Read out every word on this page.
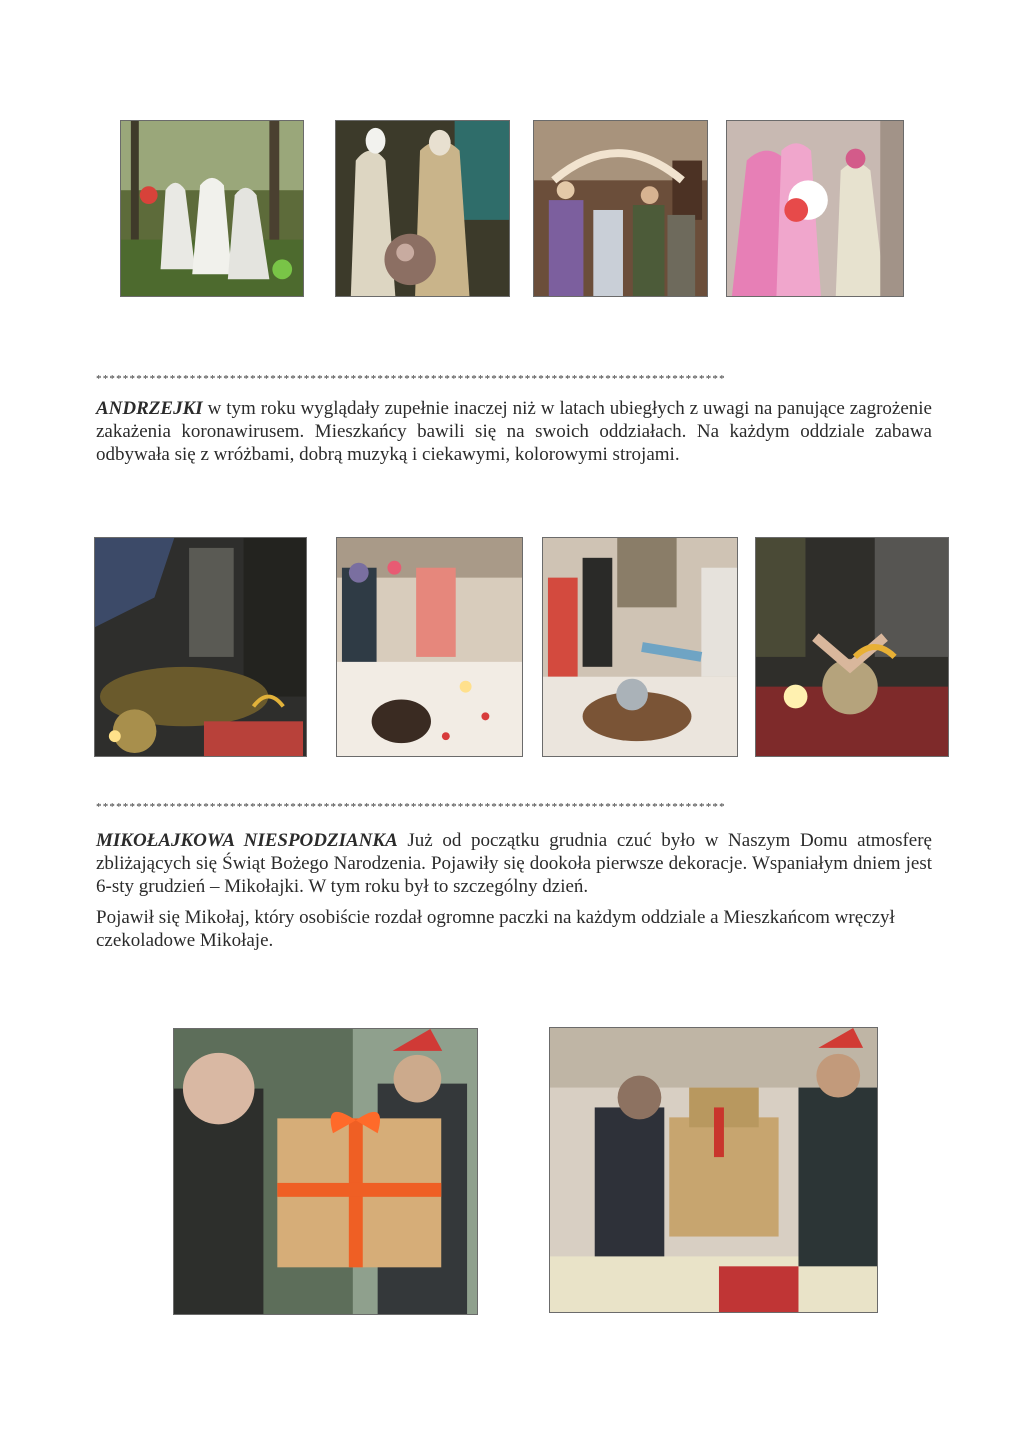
**********************************************************************************************
ANDRZEJKI w tym roku wyglądały zupełnie inaczej niż w latach ubiegłych z uwagi na panujące zagrożenie zakażenia koronawirusem. Mieszkańcy bawili się na swoich oddziałach. Na każdym oddziale zabawa odbywała się z wróżbami, dobrą muzyką i ciekawymi, kolorowymi strojami.
**********************************************************************************************
MIKOŁAJKOWA NIESPODZIANKA Już od początku grudnia czuć było w Naszym Domu atmosferę zbliżających się Świąt Bożego Narodzenia. Pojawiły się dookoła pierwsze dekoracje. Wspaniałym dniem jest 6-sty grudzień – Mikołajki. W tym roku był to szczególny dzień.
Pojawił się Mikołaj, który osobiście rozdał ogromne paczki na każdym oddziale a Mieszkańcom wręczył czekoladowe Mikołaje.
